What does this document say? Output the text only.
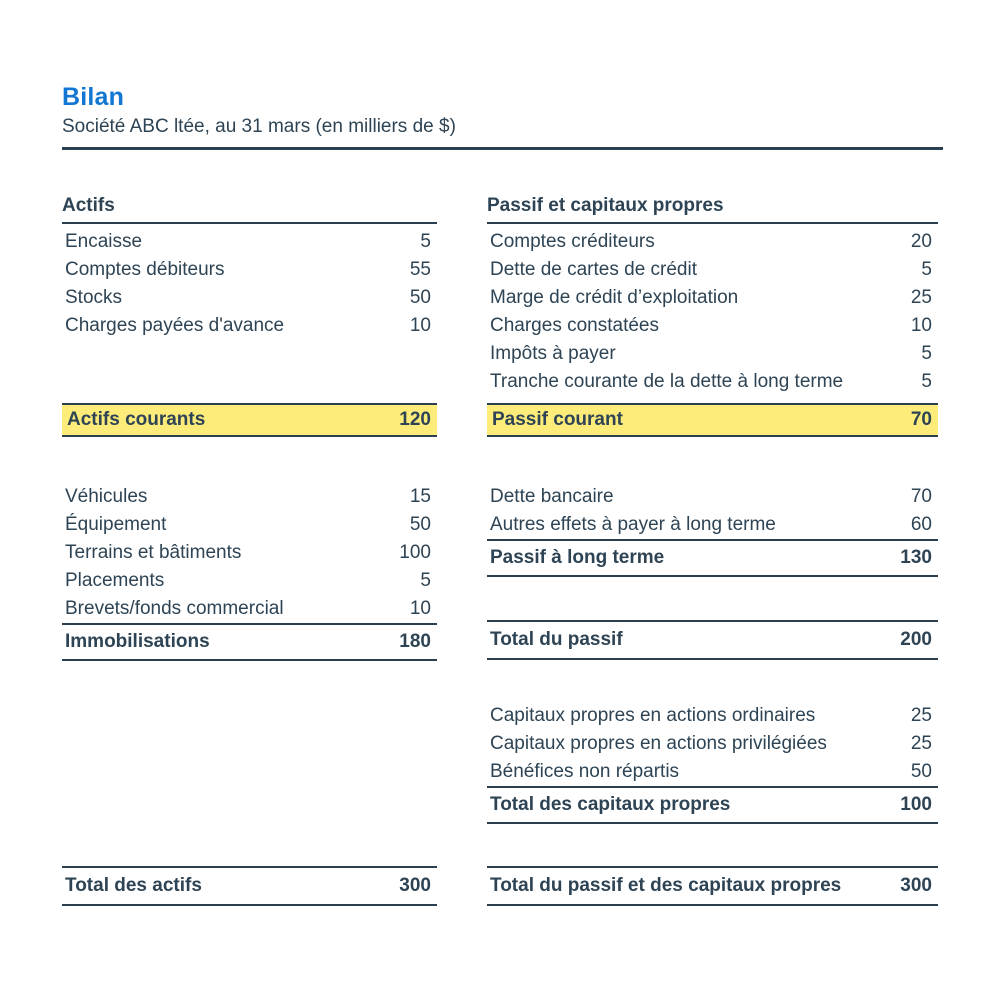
Bilan
Société ABC ltée, au 31 mars (en milliers de $)
Actifs
Encaisse	5
Comptes débiteurs	55
Stocks	50
Charges payées d'avance	10
Actifs courants	120
Véhicules	15
Équipement	50
Terrains et bâtiments	100
Placements	5
Brevets/fonds commercial	10
Immobilisations	180
Total des actifs	300
Passif et capitaux propres
Comptes créditeurs	20
Dette de cartes de crédit	5
Marge de crédit d’exploitation	25
Charges constatées	10
Impôts à payer	5
Tranche courante de la dette à long terme	5
Passif courant	70
Dette bancaire	70
Autres effets à payer à long terme	60
Passif à long terme	130
Total du passif	200
Capitaux propres en actions ordinaires	25
Capitaux propres en actions privilégiées	25
Bénéfices non répartis	50
Total des capitaux propres	100
Total du passif et des capitaux propres	300
